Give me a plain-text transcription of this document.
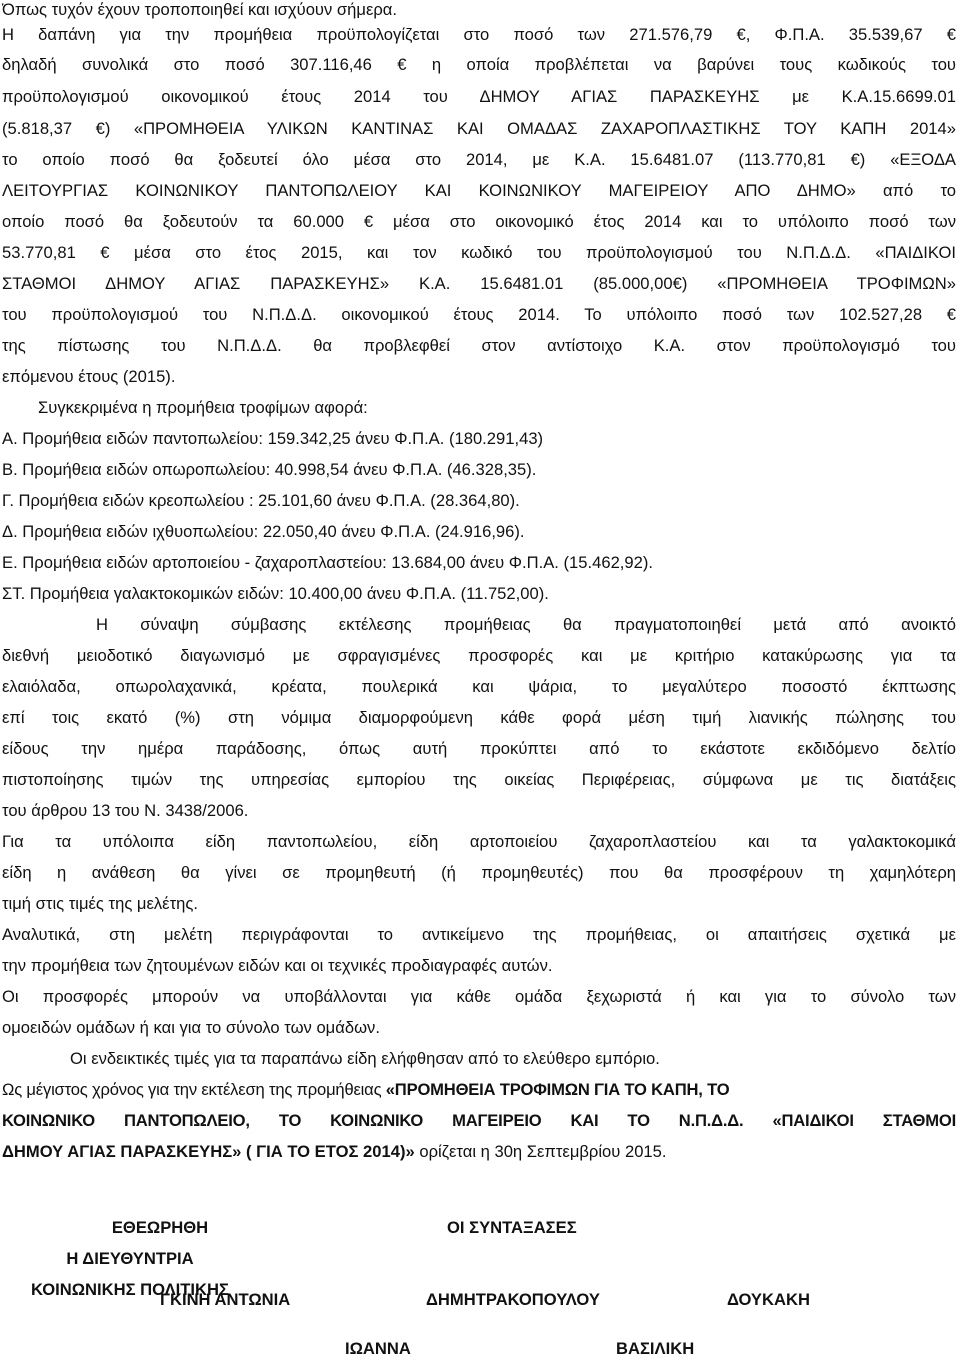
Όπως τυχόν έχουν τροποποιηθεί και ισχύουν σήμερα.
Η δαπάνη για την προμήθεια προϋπολογίζεται στο ποσό των 271.576,79 €, Φ.Π.Α. 35.539,67 €
δηλαδή συνολικά στο ποσό 307.116,46 € η οποία προβλέπεται να βαρύνει τους κωδικούς του
προϋπολογισμού οικονομικού έτους 2014 του ΔΗΜΟΥ ΑΓΙΑΣ ΠΑΡΑΣΚΕΥΗΣ με Κ.Α.15.6699.01
(5.818,37 €) «ΠΡΟΜΗΘΕΙΑ ΥΛΙΚΩΝ ΚΑΝΤΙΝΑΣ ΚΑΙ ΟΜΑΔΑΣ ΖΑΧΑΡΟΠΛΑΣΤΙΚΗΣ ΤΟΥ ΚΑΠΗ 2014»
το οποίο ποσό θα ξοδευτεί όλο μέσα στο 2014, με Κ.Α. 15.6481.07 (113.770,81 €) «ΕΞΟΔΑ
ΛΕΙΤΟΥΡΓΙΑΣ ΚΟΙΝΩΝΙΚΟΥ ΠΑΝΤΟΠΩΛΕΙΟΥ ΚΑΙ ΚΟΙΝΩΝΙΚΟΥ ΜΑΓΕΙΡΕΙΟΥ ΑΠΟ ΔΗΜΟ» από το
οποίο ποσό θα ξοδευτούν τα 60.000 € μέσα στο οικονομικό έτος 2014 και το υπόλοιπο ποσό των
53.770,81 € μέσα στο έτος 2015, και τον κωδικό του προϋπολογισμού του Ν.Π.Δ.Δ. «ΠΑΙΔΙΚΟΙ
ΣΤΑΘΜΟΙ ΔΗΜΟΥ ΑΓΙΑΣ ΠΑΡΑΣΚΕΥΗΣ» Κ.Α. 15.6481.01 (85.000,00€) «ΠΡΟΜΗΘΕΙΑ ΤΡΟΦΙΜΩΝ»
του προϋπολογισμού του Ν.Π.Δ.Δ. οικονομικού έτους 2014. Το υπόλοιπο ποσό των 102.527,28 €
της πίστωσης του Ν.Π.Δ.Δ. θα προβλεφθεί στον αντίστοιχο Κ.Α. στον προϋπολογισμό του
επόμενου έτους (2015).
Συγκεκριμένα η προμήθεια τροφίμων αφορά:
Α. Προμήθεια ειδών παντοπωλείου: 159.342,25 άνευ Φ.Π.Α. (180.291,43)
Β. Προμήθεια ειδών οπωροπωλείου: 40.998,54 άνευ Φ.Π.Α. (46.328,35).
Γ. Προμήθεια ειδών κρεοπωλείου : 25.101,60 άνευ Φ.Π.Α. (28.364,80).
Δ. Προμήθεια ειδών ιχθυοπωλείου: 22.050,40 άνευ Φ.Π.Α. (24.916,96).
Ε. Προμήθεια ειδών αρτοποιείου - ζαχαροπλαστείου: 13.684,00 άνευ Φ.Π.Α. (15.462,92).
ΣΤ. Προμήθεια γαλακτοκομικών ειδών: 10.400,00 άνευ Φ.Π.Α. (11.752,00).
Η σύναψη σύμβασης εκτέλεσης προμήθειας θα πραγματοποιηθεί μετά από ανοικτό
διεθνή μειοδοτικό διαγωνισμό με σφραγισμένες προσφορές και με κριτήριο κατακύρωσης για τα
ελαιόλαδα, οπωρολαχανικά, κρέατα, πουλερικά και ψάρια, το μεγαλύτερο ποσοστό έκπτωσης
επί τοις εκατό (%) στη νόμιμα διαμορφούμενη κάθε φορά μέση τιμή λιανικής πώλησης του
είδους την ημέρα παράδοσης, όπως αυτή προκύπτει από το εκάστοτε εκδιδόμενο δελτίο
πιστοποίησης τιμών της υπηρεσίας εμπορίου της οικείας Περιφέρειας, σύμφωνα με τις διατάξεις
του άρθρου 13 του Ν. 3438/2006.
Για τα υπόλοιπα είδη παντοπωλείου, είδη αρτοποιείου ζαχαροπλαστείου και τα γαλακτοκομικά
είδη η ανάθεση θα γίνει σε προμηθευτή (ή προμηθευτές) που θα προσφέρουν τη χαμηλότερη
τιμή στις τιμές της μελέτης.
Αναλυτικά, στη μελέτη περιγράφονται το αντικείμενο της προμήθειας, οι απαιτήσεις σχετικά με
την προμήθεια των ζητουμένων ειδών και οι τεχνικές προδιαγραφές αυτών.
Οι προσφορές μπορούν να υποβάλλονται για κάθε ομάδα ξεχωριστά ή και για το σύνολο των
ομοειδών ομάδων ή και για το σύνολο των ομάδων.
Οι ενδεικτικές τιμές για τα παραπάνω είδη ελήφθησαν από το ελεύθερο εμπόριο.
Ως μέγιστος χρόνος για την εκτέλεση της προμήθειας «ΠΡΟΜΗΘΕΙΑ ΤΡΟΦΙΜΩΝ ΓΙΑ ΤΟ ΚΑΠΗ, ΤΟ
ΚΟΙΝΩΝΙΚΟ ΠΑΝΤΟΠΩΛΕΙΟ, ΤΟ ΚΟΙΝΩΝΙΚΟ ΜΑΓΕΙΡΕΙΟ ΚΑΙ ΤΟ Ν.Π.Δ.Δ. «ΠΑΙΔΙΚΟΙ ΣΤΑΘΜΟΙ
ΔΗΜΟΥ ΑΓΙΑΣ ΠΑΡΑΣΚΕΥΗΣ» ( ΓΙΑ ΤΟ ΕΤΟΣ 2014)» ορίζεται η 30η Σεπτεμβρίου 2015.
ΕΘΕΩΡΗΘΗ
Η ΔΙΕΥΘΥΝΤΡΙΑ
ΚΟΙΝΩΝΙΚΗΣ ΠΟΛΙΤΙΚΗΣ
ΟΙ ΣΥΝΤΑΞΑΣΕΣ
ΓΚΙΝΗ ΑΝΤΩΝΙΑ	ΔΗΜΗΤΡΑΚΟΠΟΥΛΟΥ	ΔΟΥΚΑΚΗ
ΙΩΑΝΝΑ	ΒΑΣΙΛΙΚΗ
